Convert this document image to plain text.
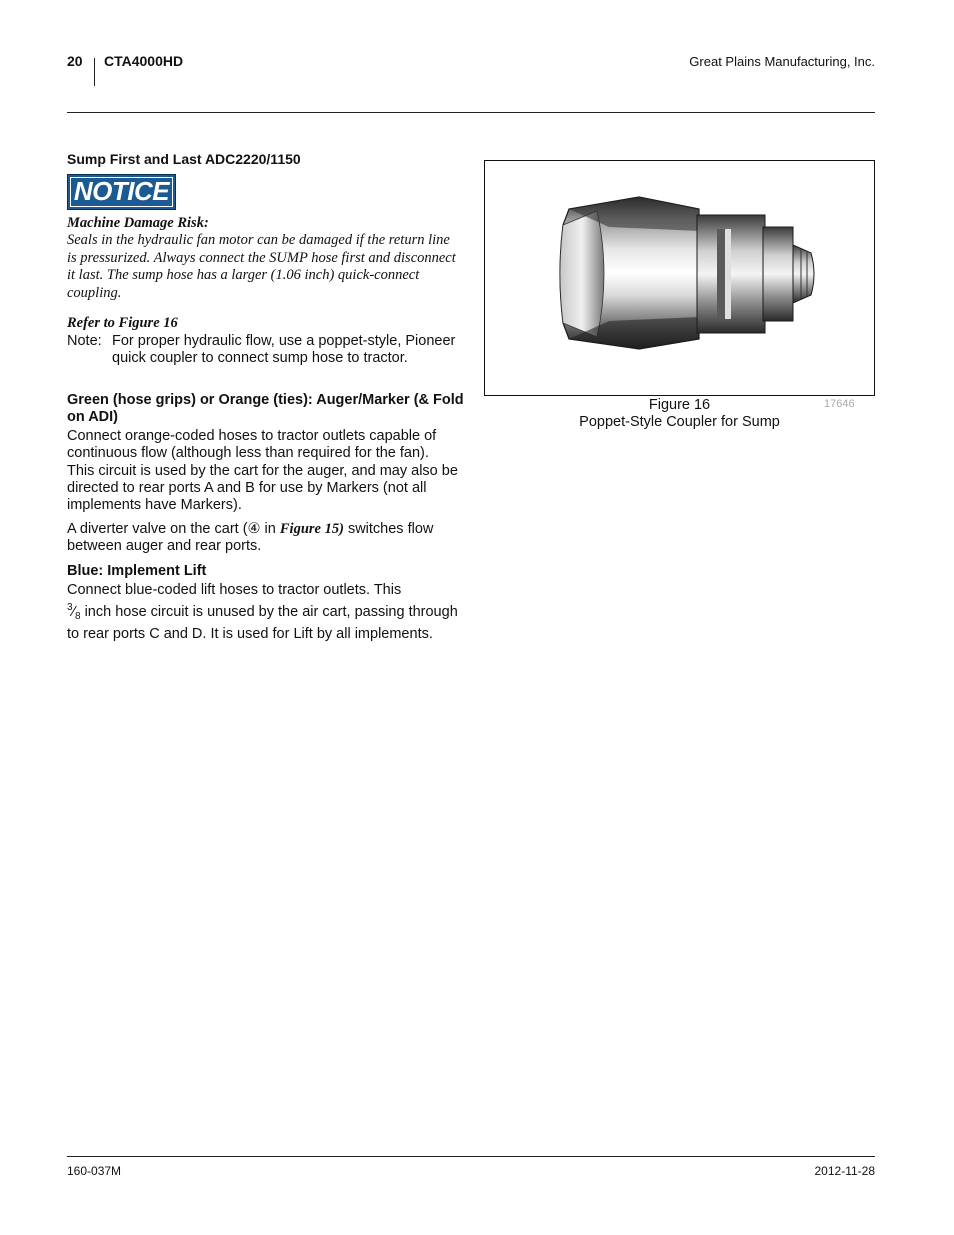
20 CTA4000HD	Great Plains Manufacturing, Inc.
Sump First and Last ADC2220/1150
NOTICE
Machine Damage Risk:
Seals in the hydraulic fan motor can be damaged if the return line is pressurized. Always connect the SUMP hose first and disconnect it last. The sump hose has a larger (1.06 inch) quick-connect coupling.
Refer to Figure 16
Note: For proper hydraulic flow, use a poppet-style, Pioneer quick coupler to connect sump hose to tractor.
Green (hose grips) or Orange (ties): Auger/Marker (& Fold on ADI)
Connect orange-coded hoses to tractor outlets capable of continuous flow (although less than required for the fan). This circuit is used by the cart for the auger, and may also be directed to rear ports A and B for use by Markers (not all implements have Markers).
A diverter valve on the cart (④ in Figure 15) switches flow between auger and rear ports.
Blue: Implement Lift
Connect blue-coded lift hoses to tractor outlets. This
$^3⁄_8$ inch hose circuit is unused by the air cart, passing through to rear ports C and D. It is used for Lift by all implements.
Figure 16
Poppet-Style Coupler for Sump
17646
160-037M	2012-11-28
